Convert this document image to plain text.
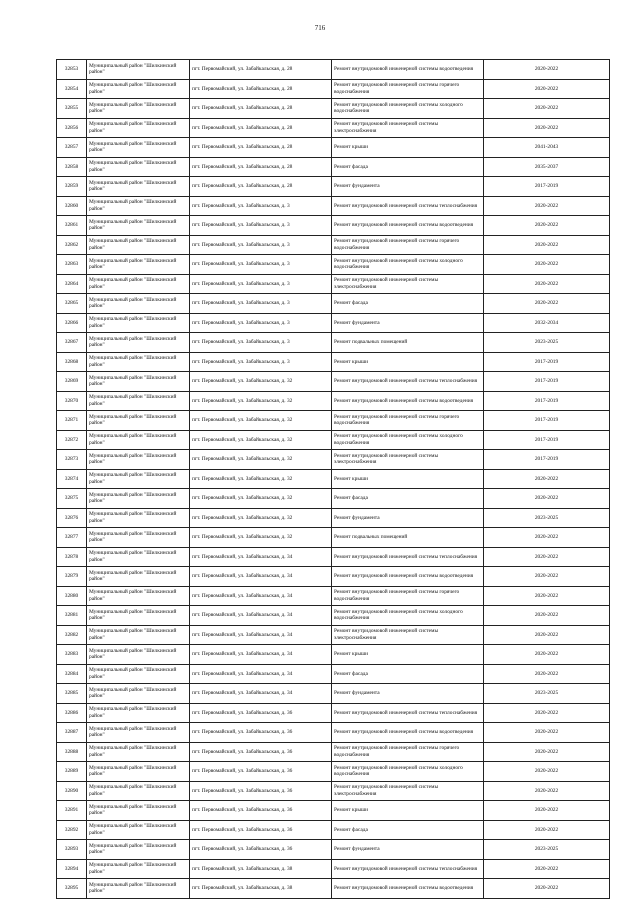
716
32853	Муниципальный район "Шилкинский район"	пгт. Первомайский, ул. Забайкальская, д. 28	Ремонт внутридомовой инженерной системы водоотведения	2020-2022
32854	Муниципальный район "Шилкинский район"	пгт. Первомайский, ул. Забайкальская, д. 28	Ремонт внутридомовой инженерной системы горячего водоснабжения	2020-2022
32855	Муниципальный район "Шилкинский район"	пгт. Первомайский, ул. Забайкальская, д. 28	Ремонт внутридомовой инженерной системы холодного водоснабжения	2020-2022
32856	Муниципальный район "Шилкинский район"	пгт. Первомайский, ул. Забайкальская, д. 28	Ремонт внутридомовой инженерной системы электроснабжения	2020-2022
32857	Муниципальный район "Шилкинский район"	пгт. Первомайский, ул. Забайкальская, д. 28	Ремонт крыши	2041-2043
32858	Муниципальный район "Шилкинский район"	пгт. Первомайский, ул. Забайкальская, д. 28	Ремонт фасада	2035-2037
32859	Муниципальный район "Шилкинский район"	пгт. Первомайский, ул. Забайкальская, д. 28	Ремонт фундамента	2017-2019
32860	Муниципальный район "Шилкинский район"	пгт. Первомайский, ул. Забайкальская, д. 3	Ремонт внутридомовой инженерной системы теплоснабжения	2020-2022
32861	Муниципальный район "Шилкинский район"	пгт. Первомайский, ул. Забайкальская, д. 3	Ремонт внутридомовой инженерной системы водоотведения	2020-2022
32862	Муниципальный район "Шилкинский район"	пгт. Первомайский, ул. Забайкальская, д. 3	Ремонт внутридомовой инженерной системы горячего водоснабжения	2020-2022
32863	Муниципальный район "Шилкинский район"	пгт. Первомайский, ул. Забайкальская, д. 3	Ремонт внутридомовой инженерной системы холодного водоснабжения	2020-2022
32864	Муниципальный район "Шилкинский район"	пгт. Первомайский, ул. Забайкальская, д. 3	Ремонт внутридомовой инженерной системы электроснабжения	2020-2022
32865	Муниципальный район "Шилкинский район"	пгт. Первомайский, ул. Забайкальская, д. 3	Ремонт фасада	2020-2022
32866	Муниципальный район "Шилкинский район"	пгт. Первомайский, ул. Забайкальская, д. 3	Ремонт фундамента	2032-2034
32867	Муниципальный район "Шилкинский район"	пгт. Первомайский, ул. Забайкальская, д. 3	Ремонт подвальных помещений	2023-2025
32868	Муниципальный район "Шилкинский район"	пгт. Первомайский, ул. Забайкальская, д. 3	Ремонт крыши	2017-2019
32869	Муниципальный район "Шилкинский район"	пгт. Первомайский, ул. Забайкальская, д. 32	Ремонт внутридомовой инженерной системы теплоснабжения	2017-2019
32870	Муниципальный район "Шилкинский район"	пгт. Первомайский, ул. Забайкальская, д. 32	Ремонт внутридомовой инженерной системы водоотведения	2017-2019
32871	Муниципальный район "Шилкинский район"	пгт. Первомайский, ул. Забайкальская, д. 32	Ремонт внутридомовой инженерной системы горячего водоснабжения	2017-2019
32872	Муниципальный район "Шилкинский район"	пгт. Первомайский, ул. Забайкальская, д. 32	Ремонт внутридомовой инженерной системы холодного водоснабжения	2017-2019
32873	Муниципальный район "Шилкинский район"	пгт. Первомайский, ул. Забайкальская, д. 32	Ремонт внутридомовой инженерной системы электроснабжения	2017-2019
32874	Муниципальный район "Шилкинский район"	пгт. Первомайский, ул. Забайкальская, д. 32	Ремонт крыши	2020-2022
32875	Муниципальный район "Шилкинский район"	пгт. Первомайский, ул. Забайкальская, д. 32	Ремонт фасада	2020-2022
32876	Муниципальный район "Шилкинский район"	пгт. Первомайский, ул. Забайкальская, д. 32	Ремонт фундамента	2023-2025
32877	Муниципальный район "Шилкинский район"	пгт. Первомайский, ул. Забайкальская, д. 32	Ремонт подвальных помещений	2020-2022
32878	Муниципальный район "Шилкинский район"	пгт. Первомайский, ул. Забайкальская, д. 34	Ремонт внутридомовой инженерной системы теплоснабжения	2020-2022
32879	Муниципальный район "Шилкинский район"	пгт. Первомайский, ул. Забайкальская, д. 34	Ремонт внутридомовой инженерной системы водоотведения	2020-2022
32880	Муниципальный район "Шилкинский район"	пгт. Первомайский, ул. Забайкальская, д. 34	Ремонт внутридомовой инженерной системы горячего водоснабжения	2020-2022
32881	Муниципальный район "Шилкинский район"	пгт. Первомайский, ул. Забайкальская, д. 34	Ремонт внутридомовой инженерной системы холодного водоснабжения	2020-2022
32882	Муниципальный район "Шилкинский район"	пгт. Первомайский, ул. Забайкальская, д. 34	Ремонт внутридомовой инженерной системы электроснабжения	2020-2022
32883	Муниципальный район "Шилкинский район"	пгт. Первомайский, ул. Забайкальская, д. 34	Ремонт крыши	2020-2022
32884	Муниципальный район "Шилкинский район"	пгт. Первомайский, ул. Забайкальская, д. 34	Ремонт фасада	2020-2022
32885	Муниципальный район "Шилкинский район"	пгт. Первомайский, ул. Забайкальская, д. 34	Ремонт фундамента	2023-2025
32886	Муниципальный район "Шилкинский район"	пгт. Первомайский, ул. Забайкальская, д. 36	Ремонт внутридомовой инженерной системы теплоснабжения	2020-2022
32887	Муниципальный район "Шилкинский район"	пгт. Первомайский, ул. Забайкальская, д. 36	Ремонт внутридомовой инженерной системы водоотведения	2020-2022
32888	Муниципальный район "Шилкинский район"	пгт. Первомайский, ул. Забайкальская, д. 36	Ремонт внутридомовой инженерной системы горячего водоснабжения	2020-2022
32889	Муниципальный район "Шилкинский район"	пгт. Первомайский, ул. Забайкальская, д. 36	Ремонт внутридомовой инженерной системы холодного водоснабжения	2020-2022
32890	Муниципальный район "Шилкинский район"	пгт. Первомайский, ул. Забайкальская, д. 36	Ремонт внутридомовой инженерной системы электроснабжения	2020-2022
32891	Муниципальный район "Шилкинский район"	пгт. Первомайский, ул. Забайкальская, д. 36	Ремонт крыши	2020-2022
32892	Муниципальный район "Шилкинский район"	пгт. Первомайский, ул. Забайкальская, д. 36	Ремонт фасада	2020-2022
32893	Муниципальный район "Шилкинский район"	пгт. Первомайский, ул. Забайкальская, д. 36	Ремонт фундамента	2023-2025
32894	Муниципальный район "Шилкинский район"	пгт. Первомайский, ул. Забайкальская, д. 38	Ремонт внутридомовой инженерной системы теплоснабжения	2020-2022
32895	Муниципальный район "Шилкинский район"	пгт. Первомайский, ул. Забайкальская, д. 38	Ремонт внутридомовой инженерной системы водоотведения	2020-2022
